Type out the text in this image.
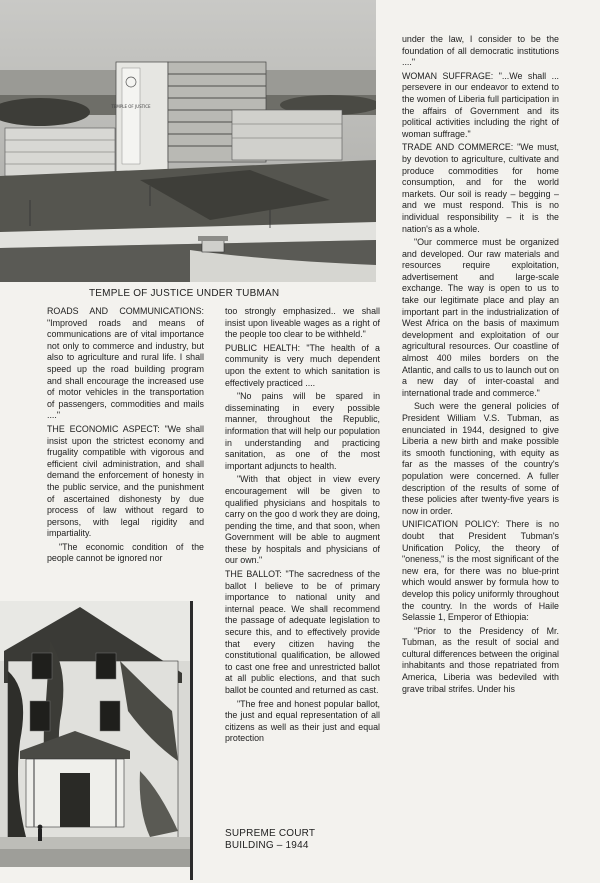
TEMPLE OF JUSTICE
TEMPLE OF JUSTICE UNDER TUBMAN

ROADS AND COMMUNICATIONS: "Improved roads and means of communications are of vital importance not only to commerce and industry, but also to agriculture and rural life. I shall speed up the road building program and shall encourage the increased use of motor vehicles in the transportation of passengers, commodities and mails ...."

THE ECONOMIC ASPECT: "We shall insist upon the strictest economy and frugality compatible with vigorous and efficient civil administration, and shall demand the enforcement of honesty in the public service, and the punishment of ascertained dishonesty by due process of law without regard to persons, with legal rigidity and impartiality.

"The economic condition of the people cannot be ignored nor

too strongly emphasized.. we shall insist upon liveable wages as a right of the people too clear to be withheld."

PUBLIC HEALTH: "The health of a community is very much dependent upon the extent to which sanitation is effectively practiced ....

"No pains will be spared in disseminating in every possible manner, throughout the Republic, information that will help our population in understanding and practicing sanitation, as one of the most important adjuncts to health.

"With that object in view every encouragement will be given to qualified physicians and hospitals to carry on the goo d work they are doing, pending the time, and that soon, when Government will be able to augment these by hospitals and physicians of our own."

THE BALLOT: "The sacredness of the ballot I believe to be of primary importance to national unity and internal peace. We shall recommend the passage of adequate legislation to secure this, and to effectively provide that every citizen having the constitutional qualification, be allowed to cast one free and unrestricted ballot at all public elections, and that such ballot be counted and returned as cast.

"The free and honest popular ballot, the just and equal representation of all citizens as well as their just and equal protection

SUPREME COURT
BUILDING – 1944

under the law, I consider to be the foundation of all democratic institutions ...."

WOMAN SUFFRAGE: "...We shall ... persevere in our endeavor to extend to the women of Liberia full participation in the affairs of Government and its political activities including the right of woman suffrage."

TRADE AND COMMERCE: "We must, by devotion to agriculture, cultivate and produce commodities for home consumption, and for the world markets. Our soil is ready – begging – and we must respond. This is no individual responsibility – it is the nation's as a whole.

"Our commerce must be organized and developed. Our raw materials and resources require exploitation, advertisement and large-scale exchange. The way is open to us to take our legitimate place and play an important part in the industrialization of West Africa on the basis of maximum development and exploitation of our agricultural resources. Our coastline of almost 400 miles borders on the Atlantic, and calls to us to launch out on a new day of inter-coastal and international trade and commerce."

Such were the general policies of President William V.S. Tubman, as enunciated in 1944, designed to give Liberia a new birth and make possible its smooth functioning, with equity as far as the masses of the country's population were concerned. A fuller description of the results of some of these policies after twenty-five years is now in order.

UNIFICATION POLICY: There is no doubt that President Tubman's Unification Policy, the theory of "oneness," is the most significant of the new era, for there was no blue-print which would answer by formula how to develop this policy uniformly throughout the country. In the words of Haile Selassie 1, Emperor of Ethiopia:

"Prior to the Presidency of Mr. Tubman, as the result of social and cultural differences between the original inhabitants and those repatriated from America, Liberia was bedeviled with grave tribal strifes. Under his
